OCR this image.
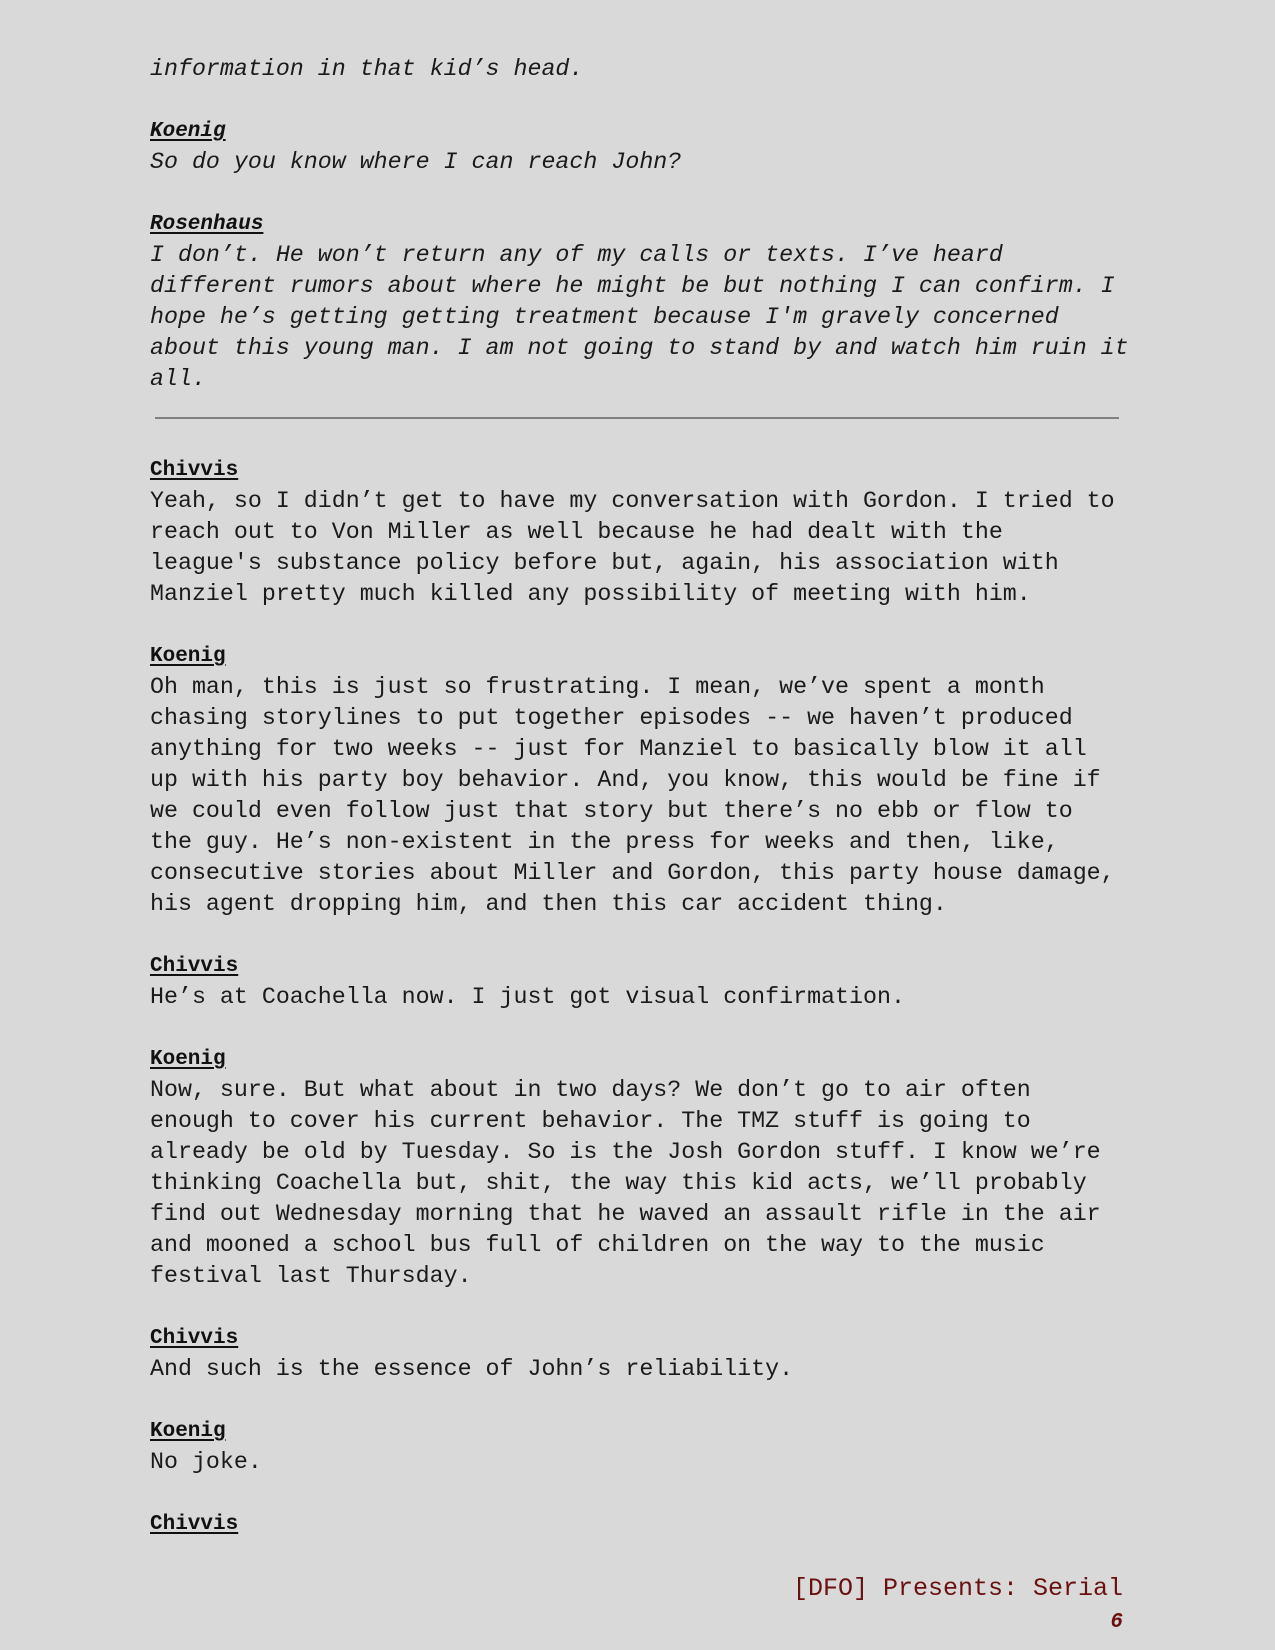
information in that kid’s head.

Koenig

So do you know where I can reach John?

Rosenhaus

I don’t. He won’t return any of my calls or texts. I’ve heard

different rumors about where he might be but nothing I can confirm. I

hope he’s getting getting treatment because I'm gravely concerned

about this young man. I am not going to stand by and watch him ruin it

all.

Chivvis

Yeah, so I didn’t get to have my conversation with Gordon. I tried to

reach out to Von Miller as well because he had dealt with the

league's substance policy before but, again, his association with

Manziel pretty much killed any possibility of meeting with him.

Koenig

Oh man, this is just so frustrating. I mean, we’ve spent a month

chasing storylines to put together episodes -- we haven’t produced

anything for two weeks -- just for Manziel to basically blow it all

up with his party boy behavior. And, you know, this would be fine if

we could even follow just that story but there’s no ebb or flow to

the guy. He’s non-existent in the press for weeks and then, like,

consecutive stories about Miller and Gordon, this party house damage,

his agent dropping him, and then this car accident thing.

Chivvis

He’s at Coachella now. I just got visual confirmation.

Koenig

Now, sure. But what about in two days? We don’t go to air often

enough to cover his current behavior. The TMZ stuff is going to

already be old by Tuesday. So is the Josh Gordon stuff. I know we’re

thinking Coachella but, shit, the way this kid acts, we’ll probably

find out Wednesday morning that he waved an assault rifle in the air

and mooned a school bus full of children on the way to the music

festival last Thursday.

Chivvis

And such is the essence of John’s reliability.

Koenig

No joke.

Chivvis

[DFO] Presents: Serial
6
